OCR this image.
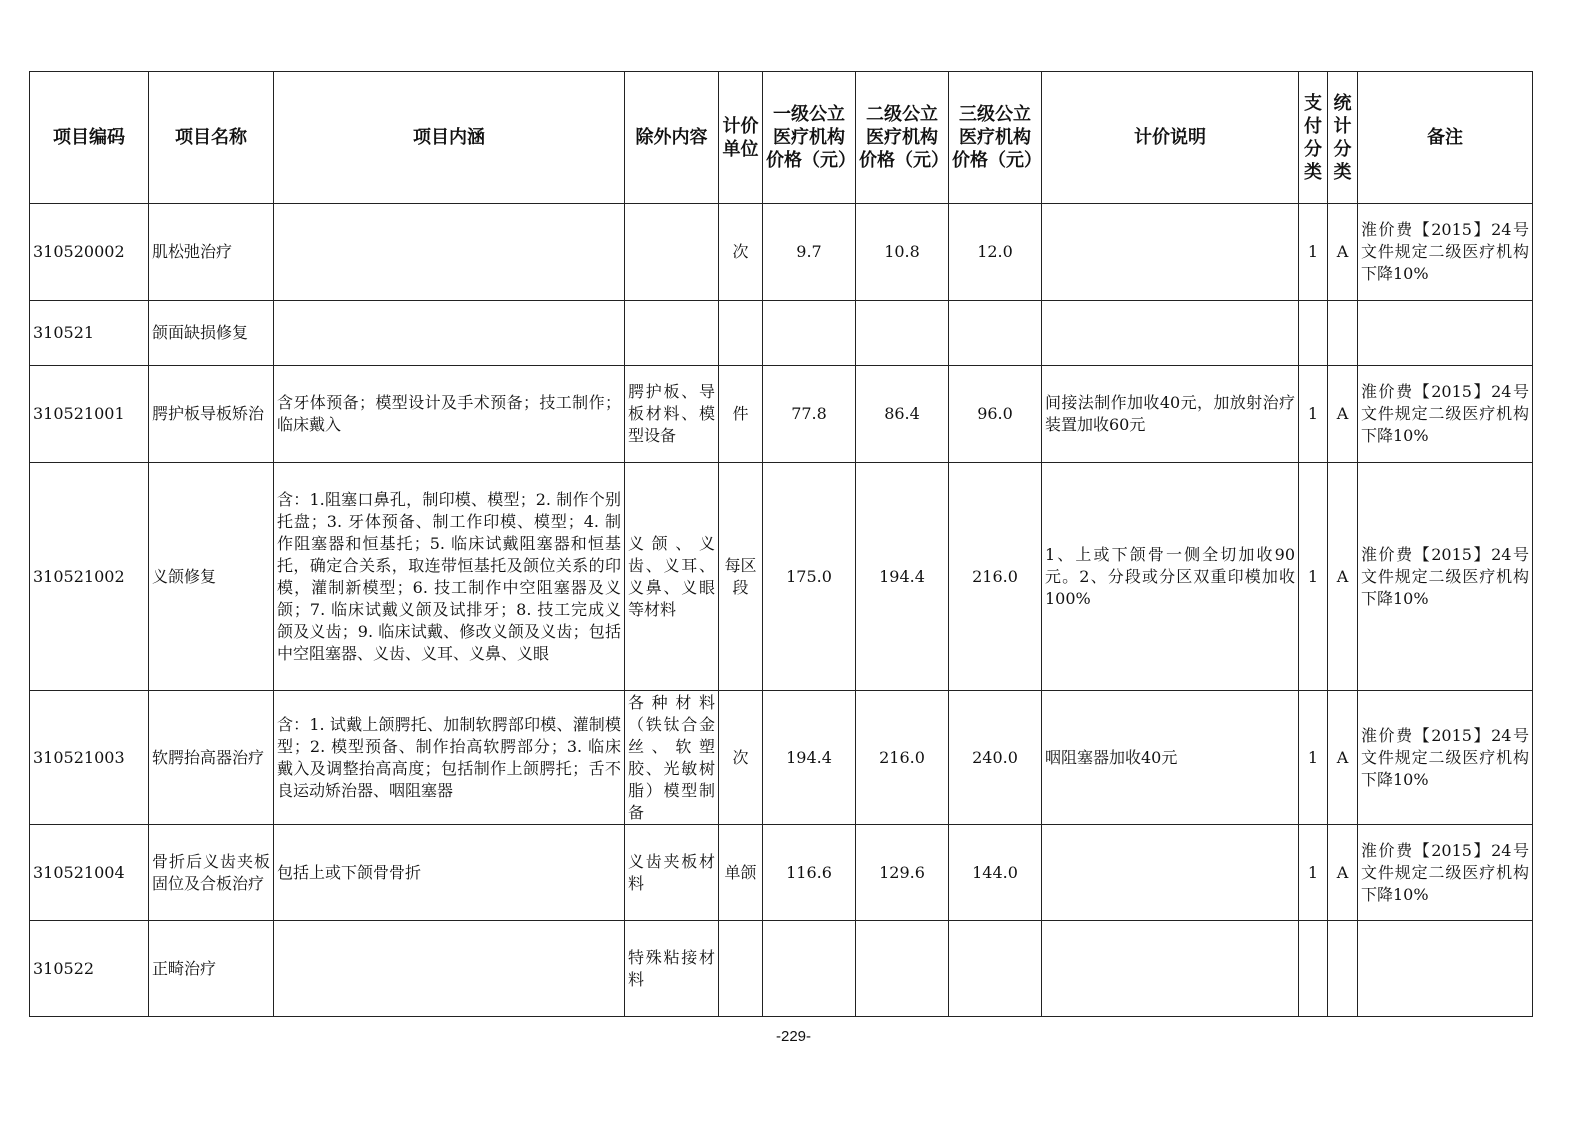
项目编码	项目名称	项目内涵	除外内容	计价单位	一级公立医疗机构价格（元）	二级公立医疗机构价格（元）	三级公立医疗机构价格（元）	计价说明	支付分类	统计分类	备注
310520002	肌松弛治疗			次	9.7	10.8	12.0		1	A	淮价费【2015】24号文件规定二级医疗机构下降10%
310521	颌面缺损修复										
310521001	腭护板导板矫治	含牙体预备；模型设计及手术预备；技工制作；临床戴入	腭护板、导板材料、模型设备	件	77.8	86.4	96.0	间接法制作加收40元，加放射治疗装置加收60元	1	A	淮价费【2015】24号文件规定二级医疗机构下降10%
310521002	义颌修复	含：1.阻塞口鼻孔，制印模、模型；2. 制作个别托盘；3. 牙体预备、制工作印模、模型；4. 制作阻塞器和恒基托；5. 临床试戴阻塞器和恒基托，确定合关系，取连带恒基托及颌位关系的印模，灌制新模型；6. 技工制作中空阻塞器及义颌；7. 临床试戴义颌及试排牙；8. 技工完成义颌及义齿；9. 临床试戴、修改义颌及义齿；包括中空阻塞器、义齿、义耳、义鼻、义眼	义颌、义齿、义耳、义鼻、义眼等材料	每区段	175.0	194.4	216.0	1、上或下颌骨一侧全切加收90元。2、分段或分区双重印模加收100%	1	A	淮价费【2015】24号文件规定二级医疗机构下降10%
310521003	软腭抬高器治疗	含：1. 试戴上颌腭托、加制软腭部印模、灌制模型；2. 模型预备、制作抬高软腭部分；3. 临床戴入及调整抬高高度；包括制作上颌腭托；舌不良运动矫治器、咽阻塞器	各种材料（铁钛合金丝、软塑胶、光敏树脂）模型制备	次	194.4	216.0	240.0	咽阻塞器加收40元	1	A	淮价费【2015】24号文件规定二级医疗机构下降10%
310521004	骨折后义齿夹板固位及合板治疗	包括上或下颌骨骨折	义齿夹板材料	单颌	116.6	129.6	144.0		1	A	淮价费【2015】24号文件规定二级医疗机构下降10%
310522	正畸治疗		特殊粘接材料								
-229-
